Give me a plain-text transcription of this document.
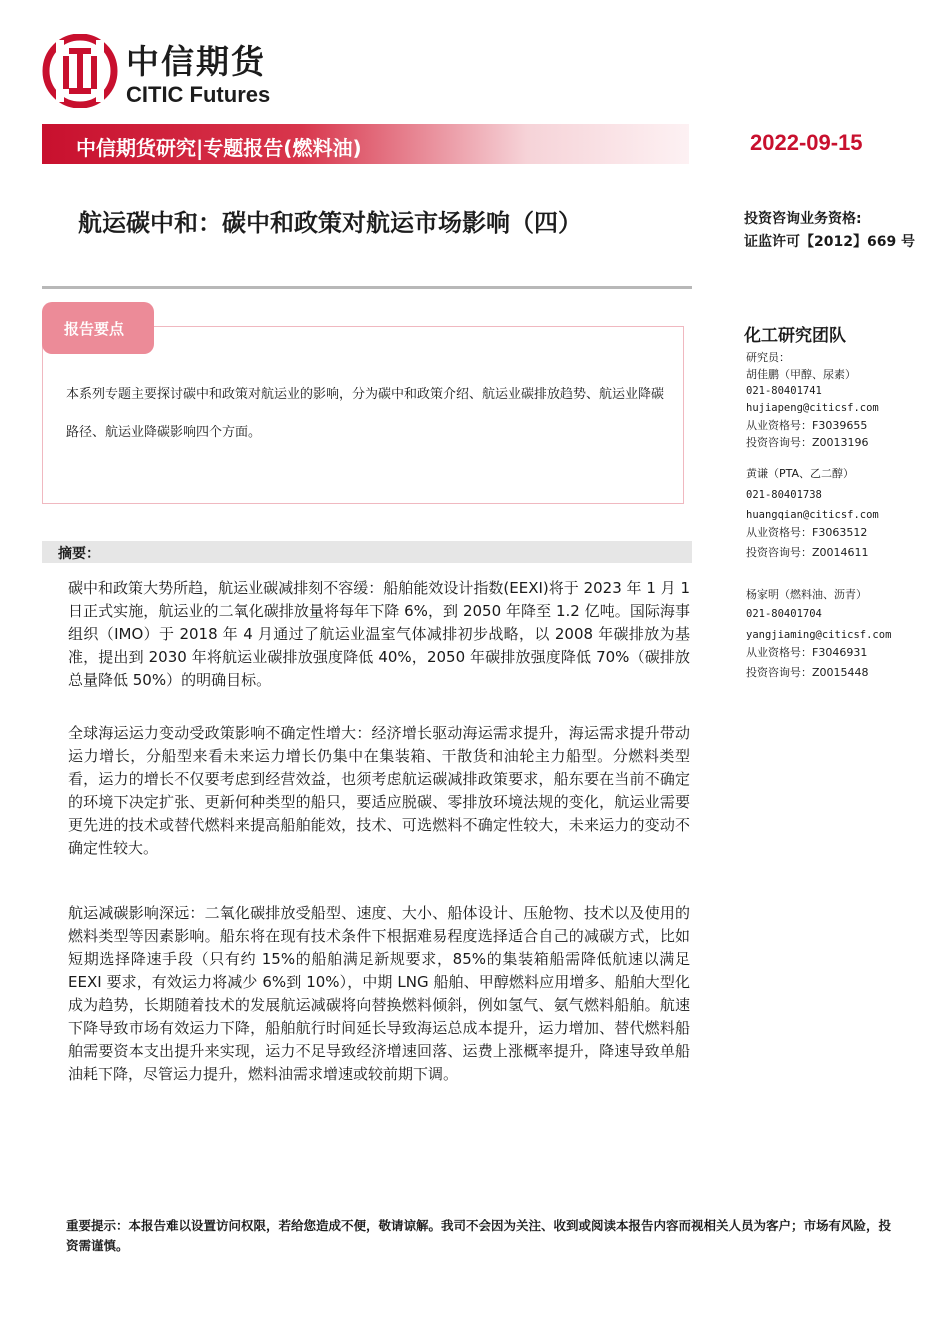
中信期货
CITIC Futures
中信期货研究|专题报告(燃料油)	2022-09-15
航运碳中和：碳中和政策对航运市场影响（四）	投资咨询业务资格:
证监许可【2012】669 号
报告要点
本系列专题主要探讨碳中和政策对航运业的影响，分为碳中和政策介绍、航运业碳排放趋势、航运业降碳路径、航运业降碳影响四个方面。
摘要：
碳中和政策大势所趋，航运业碳减排刻不容缓：船舶能效设计指数(EEXI)将于 2023 年 1 月 1 日正式实施，航运业的二氧化碳排放量将每年下降 6%，到 2050 年降至 1.2 亿吨。国际海事组织（IMO）于 2018 年 4 月通过了航运业温室气体减排初步战略，以 2008 年碳排放为基准，提出到 2030 年将航运业碳排放强度降低 40%，2050 年碳排放强度降低 70%（碳排放总量降低 50%）的明确目标。
全球海运运力变动受政策影响不确定性增大：经济增长驱动海运需求提升，海运需求提升带动运力增长，分船型来看未来运力增长仍集中在集装箱、干散货和油轮主力船型。分燃料类型看，运力的增长不仅要考虑到经营效益，也须考虑航运碳减排政策要求，船东要在当前不确定的环境下决定扩张、更新何种类型的船只，要适应脱碳、零排放环境法规的变化，航运业需要更先进的技术或替代燃料来提高船舶能效，技术、可选燃料不确定性较大，未来运力的变动不确定性较大。
航运减碳影响深远：二氧化碳排放受船型、速度、大小、船体设计、压舱物、技术以及使用的燃料类型等因素影响。船东将在现有技术条件下根据难易程度选择适合自己的减碳方式，比如短期选择降速手段（只有约 15%的船舶满足新规要求，85%的集装箱船需降低航速以满足 EEXI 要求，有效运力将减少 6%到 10%），中期 LNG 船舶、甲醇燃料应用增多、船舶大型化成为趋势，长期随着技术的发展航运减碳将向替换燃料倾斜，例如氢气、氨气燃料船舶。航速下降导致市场有效运力下降，船舶航行时间延长导致海运总成本提升，运力增加、替代燃料船舶需要资本支出提升来实现，运力不足导致经济增速回落、运费上涨概率提升，降速导致单船油耗下降，尽管运力提升，燃料油需求增速或较前期下调。
化工研究团队
研究员：
胡佳鹏（甲醇、尿素）
021-80401741
hujiapeng@citicsf.com
从业资格号：F3039655
投资咨询号：Z0013196
黄谦（PTA、乙二醇）
021-80401738
huangqian@citicsf.com
从业资格号：F3063512
投资咨询号：Z0014611
杨家明（燃料油、沥青）
021-80401704
yangjiaming@citicsf.com
从业资格号：F3046931
投资咨询号：Z0015448
重要提示：本报告难以设置访问权限，若给您造成不便，敬请谅解。我司不会因为关注、收到或阅读本报告内容而视相关人员为客户；市场有风险，投资需谨慎。
